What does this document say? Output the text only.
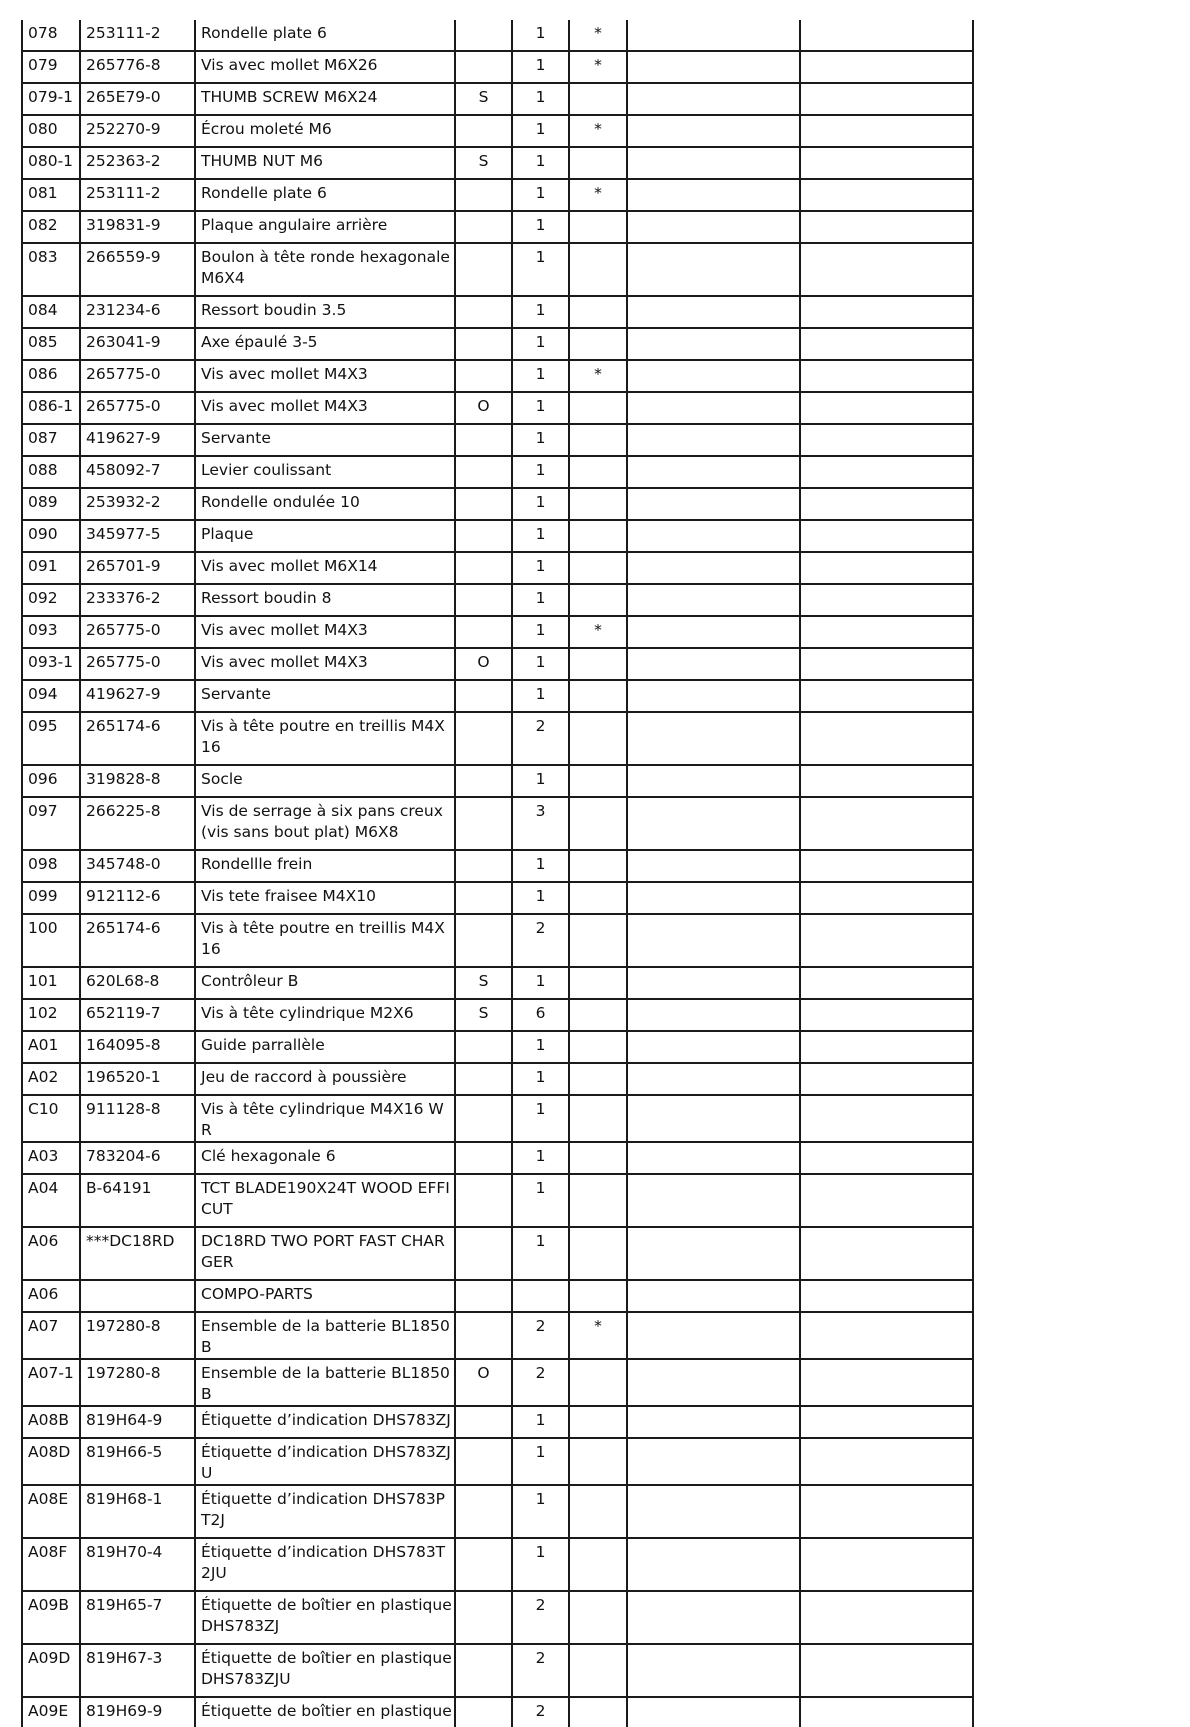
078	253111-2	Rondelle plate 6		1	*		
079	265776-8	Vis avec mollet M6X26		1	*		
079-1	265E79-0	THUMB SCREW M6X24	S	1			
080	252270-9	Écrou moleté M6		1	*		
080-1	252363-2	THUMB NUT M6	S	1			
081	253111-2	Rondelle plate 6		1	*		
082	319831-9	Plaque angulaire arrière		1			
083	266559-9	Boulon à tête ronde hexagonale M6X4		1			
084	231234-6	Ressort boudin 3.5		1			
085	263041-9	Axe épaulé 3-5		1			
086	265775-0	Vis avec mollet M4X3		1	*		
086-1	265775-0	Vis avec mollet M4X3	O	1			
087	419627-9	Servante		1			
088	458092-7	Levier coulissant		1			
089	253932-2	Rondelle ondulée 10		1			
090	345977-5	Plaque		1			
091	265701-9	Vis avec mollet M6X14		1			
092	233376-2	Ressort boudin 8		1			
093	265775-0	Vis avec mollet M4X3		1	*		
093-1	265775-0	Vis avec mollet M4X3	O	1			
094	419627-9	Servante		1			
095	265174-6	Vis à tête poutre en treillis M4X16		2			
096	319828-8	Socle		1			
097	266225-8	Vis de serrage à six pans creux (vis sans bout plat) M6X8		3			
098	345748-0	Rondellle frein		1			
099	912112-6	Vis tete fraisee M4X10		1			
100	265174-6	Vis à tête poutre en treillis M4X16		2			
101	620L68-8	Contrôleur B	S	1			
102	652119-7	Vis à tête cylindrique M2X6	S	6			
A01	164095-8	Guide parrallèle		1			
A02	196520-1	Jeu de raccord à poussière		1			
C10	911128-8	Vis à tête cylindrique M4X16 WR		1			
A03	783204-6	Clé hexagonale 6		1			
A04	B-64191	TCT BLADE190X24T WOOD EFFICUT		1			
A06	***DC18RD	DC18RD TWO PORT FAST CHARGER		1			
A06		COMPO-PARTS					
A07	197280-8	Ensemble de la batterie BL1850B		2	*		
A07-1	197280-8	Ensemble de la batterie BL1850B	O	2			
A08B	819H64-9	Étiquette d’indication DHS783ZJ		1			
A08D	819H66-5	Étiquette d’indication DHS783ZJU		1			
A08E	819H68-1	Étiquette d’indication DHS783PT2J		1			
A08F	819H70-4	Étiquette d’indication DHS783T2JU		1			
A09B	819H65-7	Étiquette de boîtier en plastique DHS783ZJ		2			
A09D	819H67-3	Étiquette de boîtier en plastique DHS783ZJU		2			
A09E	819H69-9	Étiquette de boîtier en plastique		2			
